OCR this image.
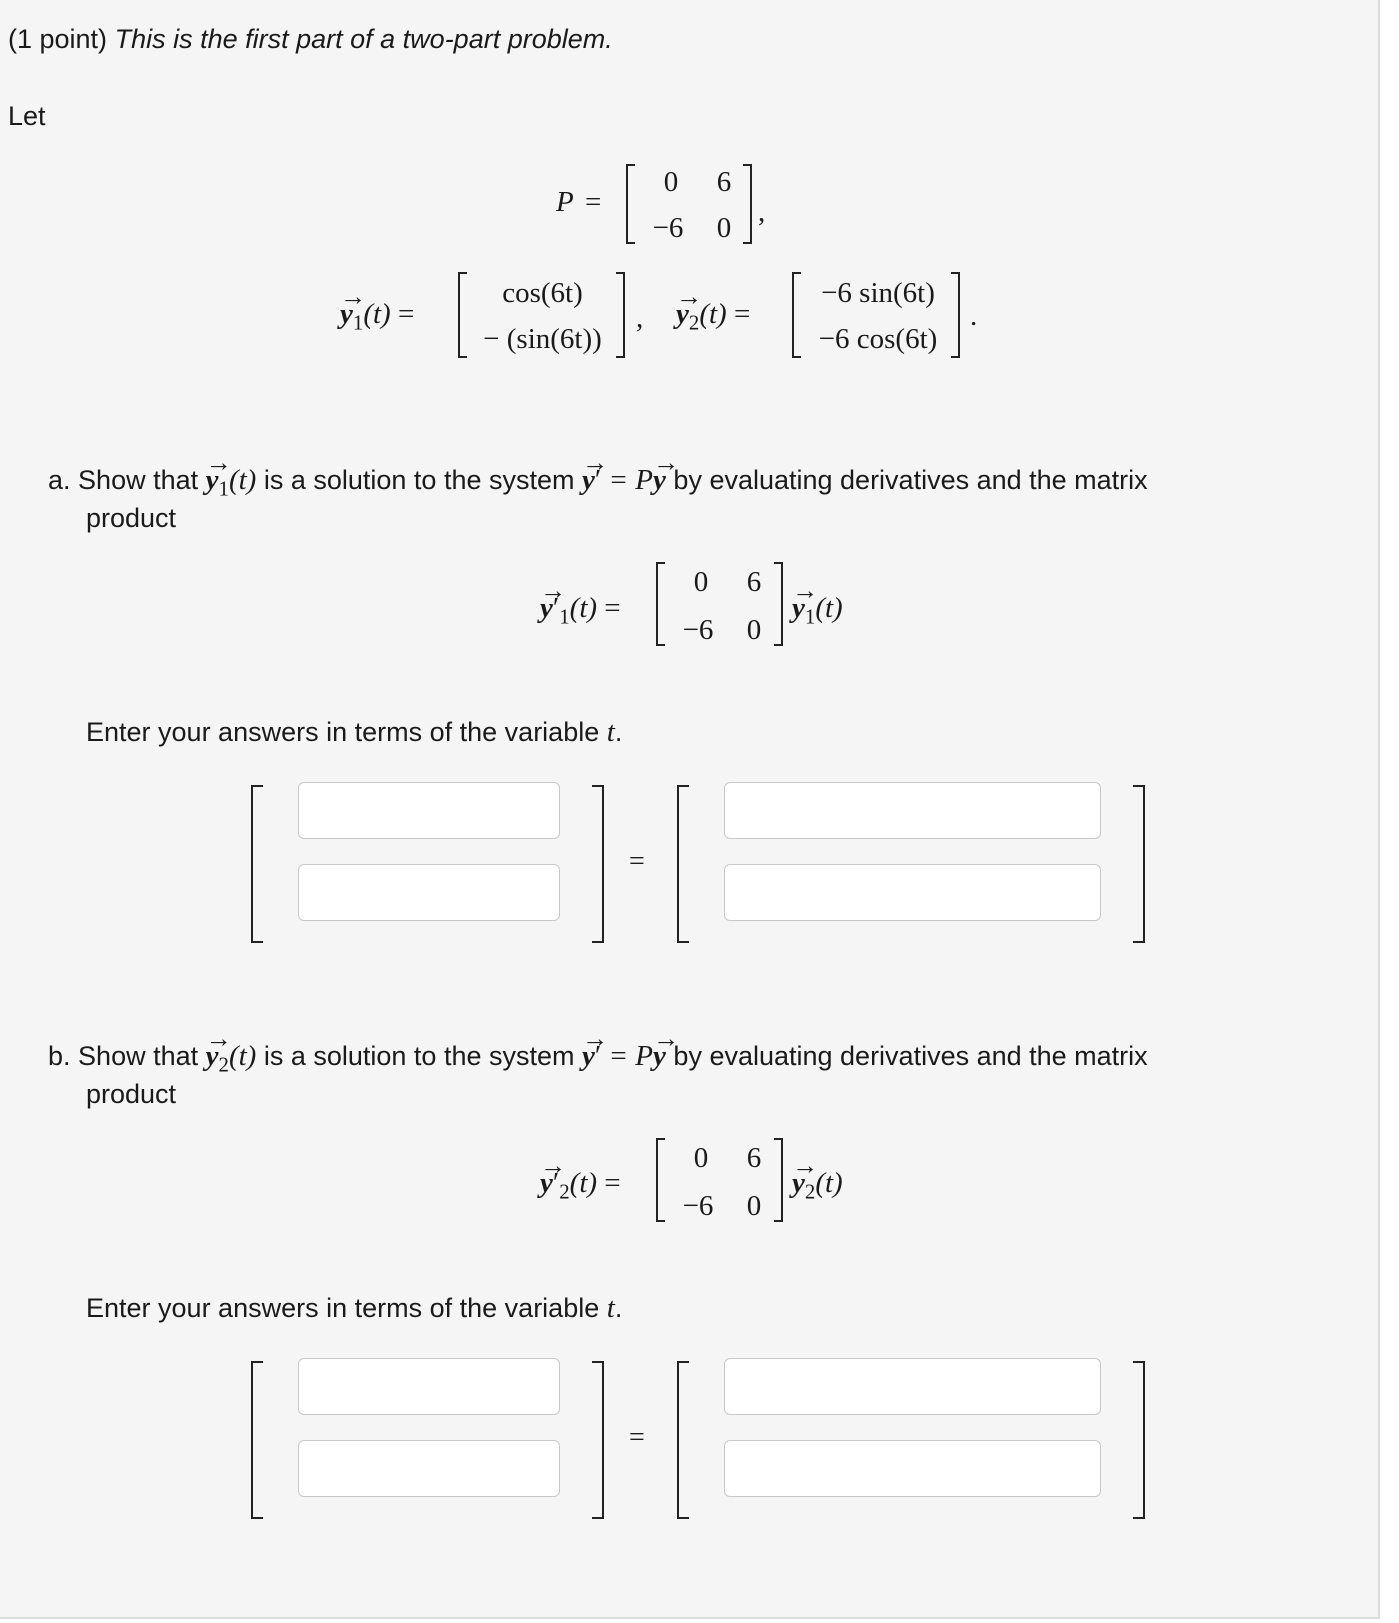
(1 point) This is the first part of a two-part problem.
Let
P =
0	6
−6	0 ,
→ $y_1(t)$ =
cos(6t)
− (sin(6t))
, → $y_2(t)$ =
−6 sin(6t)
−6 cos(6t)
.
a. Show that → $y_1(t)$ is a solution to the system → y′ = P→ y by evaluating derivatives and the matrix
product
→ $y'_1(t)$ =
0	6
−6	0
→ $y_1(t)$
Enter your answers in terms of the variable t.
=
b. Show that → $y_2(t)$ is a solution to the system → y′ = P→ y by evaluating derivatives and the matrix
product
→ $y'_2(t)$ =
0	6
−6	0
→ $y_2(t)$
Enter your answers in terms of the variable t.
=
